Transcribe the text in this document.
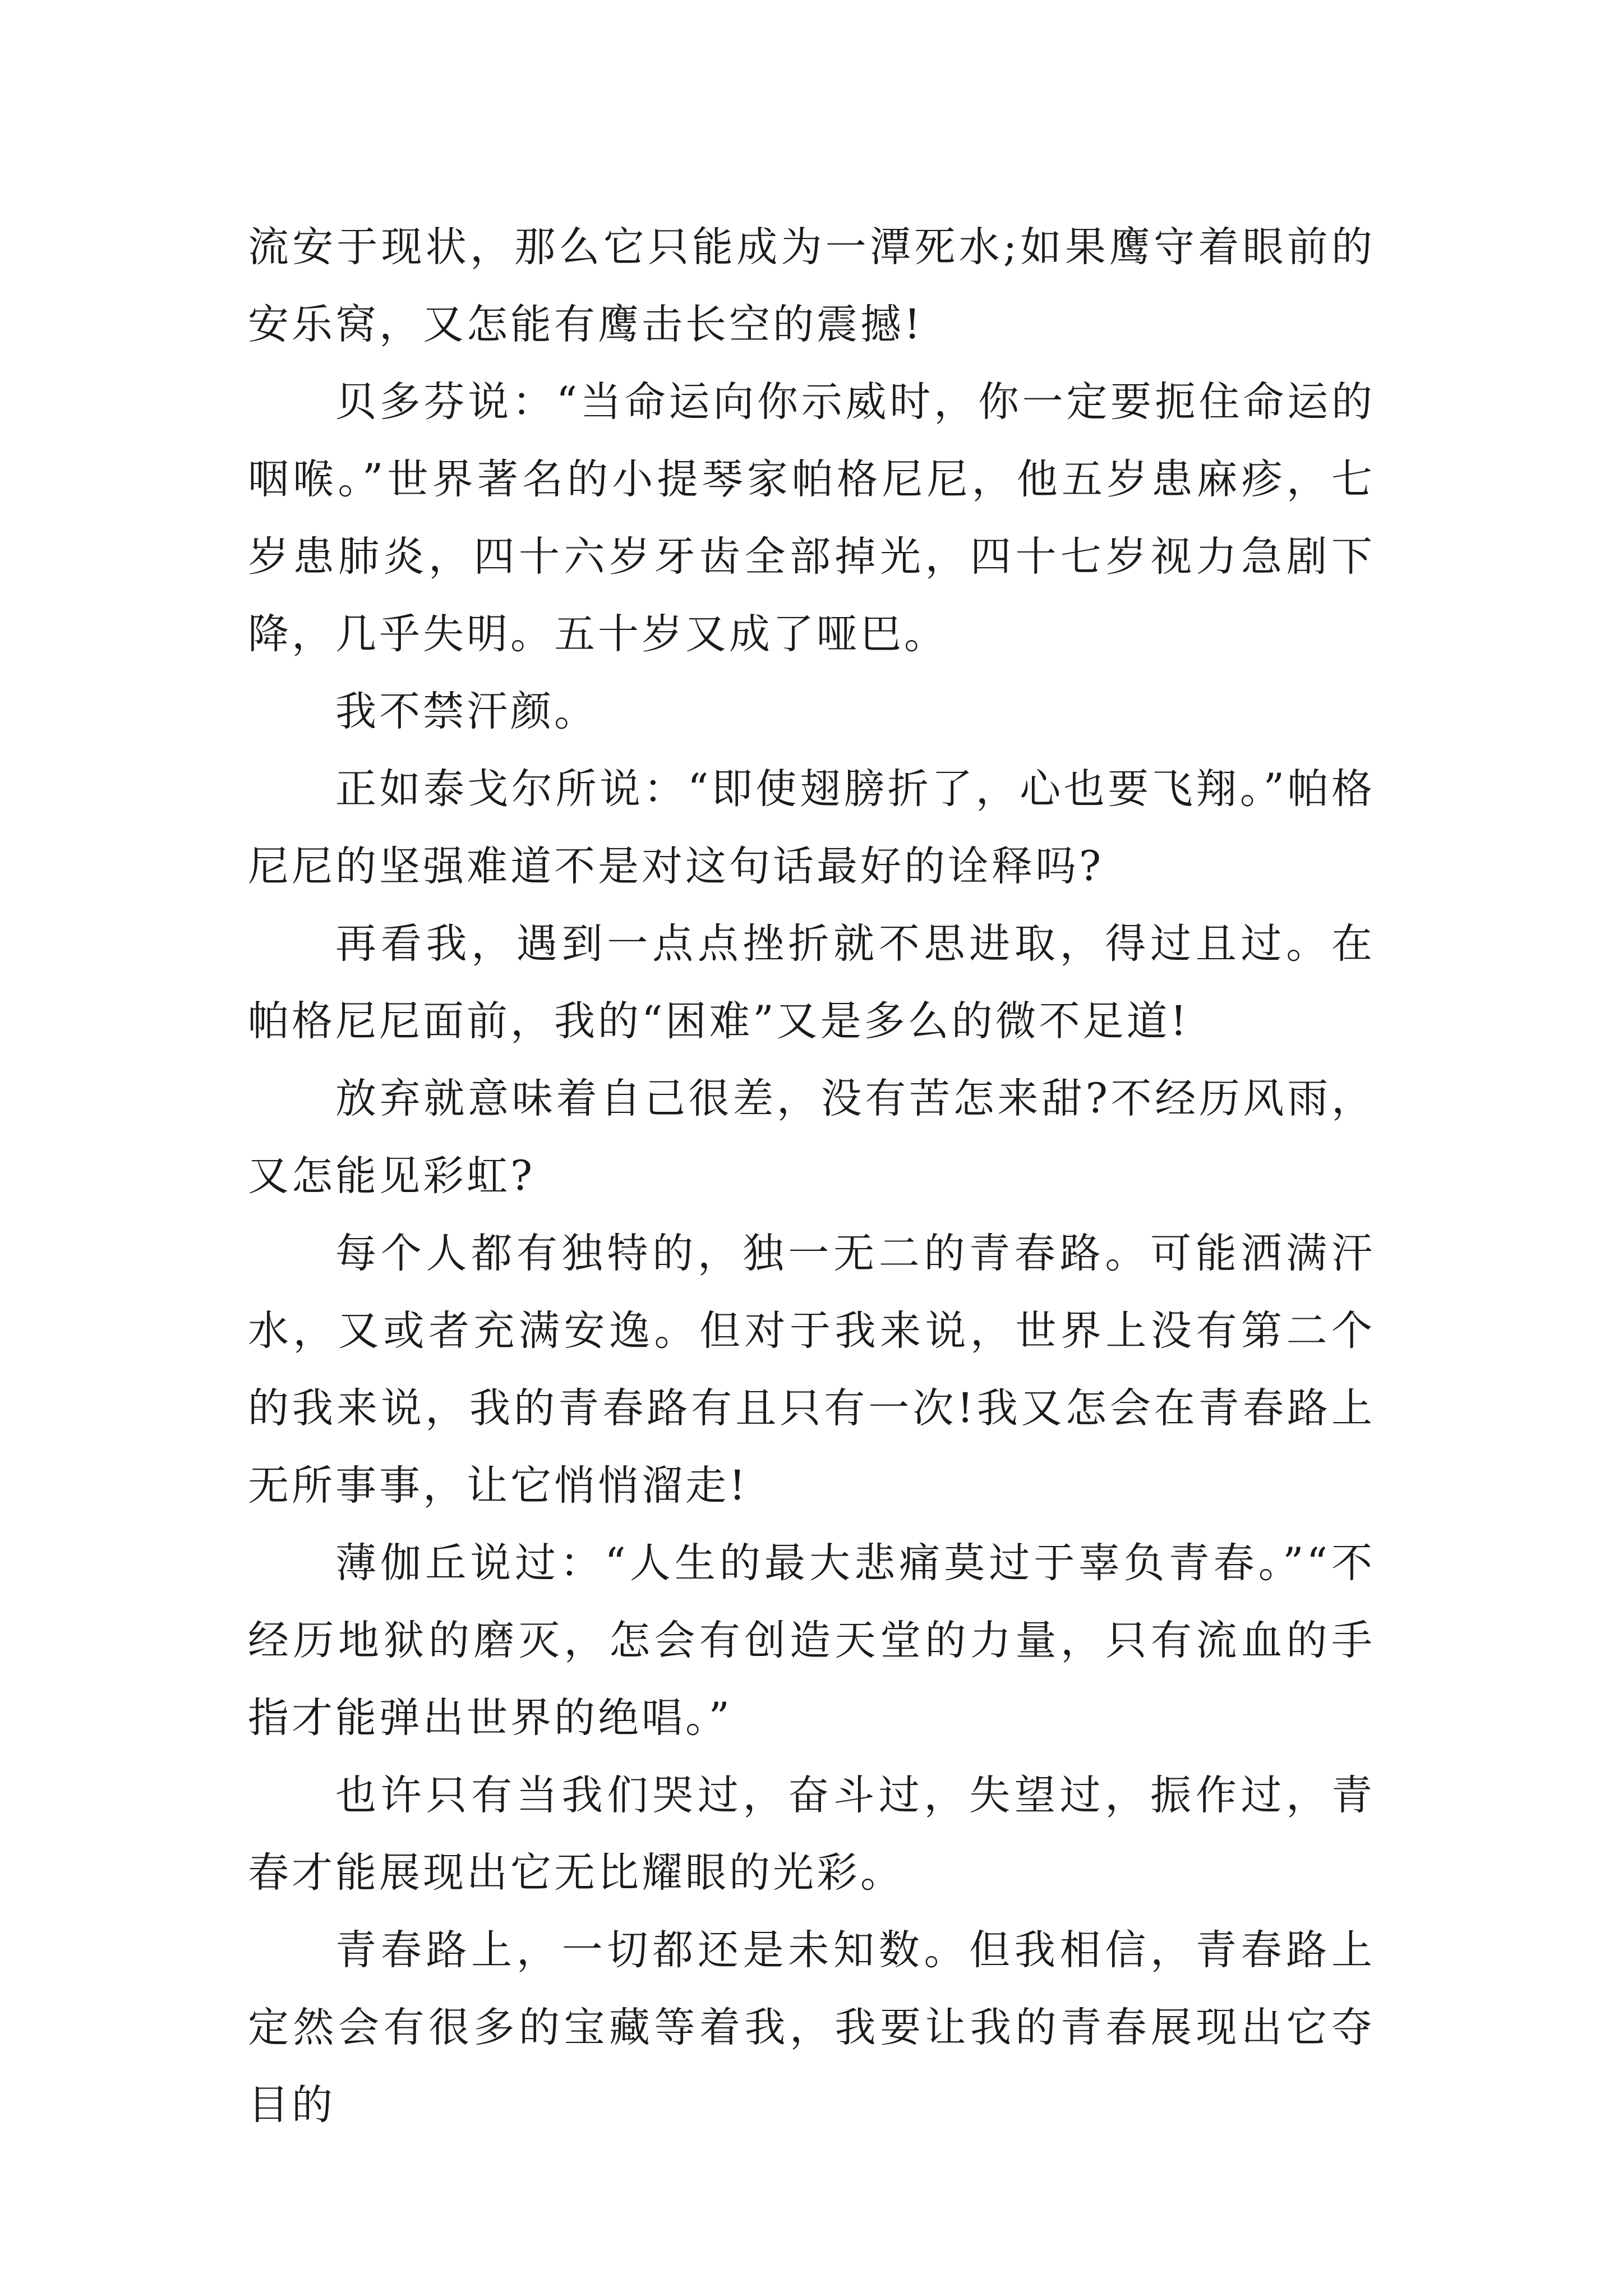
流安于现状，那么它只能成为一潭死水;如果鹰守着眼前的安乐窝，又怎能有鹰击长空的震撼!

贝多芬说：“当命运向你示威时，你一定要扼住命运的咽喉。”世界著名的小提琴家帕格尼尼，他五岁患麻疹，七岁患肺炎，四十六岁牙齿全部掉光，四十七岁视力急剧下降，几乎失明。五十岁又成了哑巴。

我不禁汗颜。

正如泰戈尔所说：“即使翅膀折了，心也要飞翔。”帕格尼尼的坚强难道不是对这句话最好的诠释吗?

再看我，遇到一点点挫折就不思进取，得过且过。在帕格尼尼面前，我的“困难”又是多么的微不足道!

放弃就意味着自己很差，没有苦怎来甜?不经历风雨，又怎能见彩虹?

每个人都有独特的，独一无二的青春路。可能洒满汗水，又或者充满安逸。但对于我来说，世界上没有第二个的我来说，我的青春路有且只有一次!我又怎会在青春路上无所事事，让它悄悄溜走!

薄伽丘说过：“人生的最大悲痛莫过于辜负青春。”“不经历地狱的磨灭，怎会有创造天堂的力量，只有流血的手指才能弹出世界的绝唱。”

也许只有当我们哭过，奋斗过，失望过，振作过，青春才能展现出它无比耀眼的光彩。

青春路上，一切都还是未知数。但我相信，青春路上定然会有很多的宝藏等着我，我要让我的青春展现出它夺目的
